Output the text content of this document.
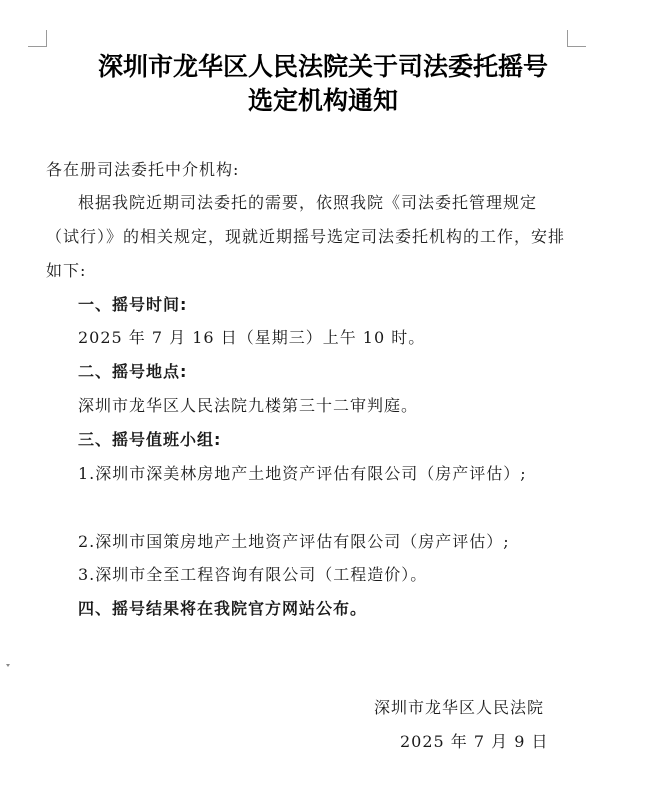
深圳市龙华区人民法院关于司法委托摇号
选定机构通知
各在册司法委托中介机构:
根据我院近期司法委托的需要，依照我院《司法委托管理规定（试行）》的相关规定，现就近期摇号选定司法委托机构的工作，安排如下:
一、摇号时间:
2025 年 7 月 16 日（星期三）上午 10 时。
二、摇号地点:
深圳市龙华区人民法院九楼第三十二审判庭。
三、摇号值班小组:
1.深圳市深美林房地产土地资产评估有限公司（房产评估）;
2.深圳市国策房地产土地资产评估有限公司（房产评估）;
3.深圳市全至工程咨询有限公司（工程造价）。
四、摇号结果将在我院官方网站公布。
深圳市龙华区人民法院
2025 年 7 月 9 日
